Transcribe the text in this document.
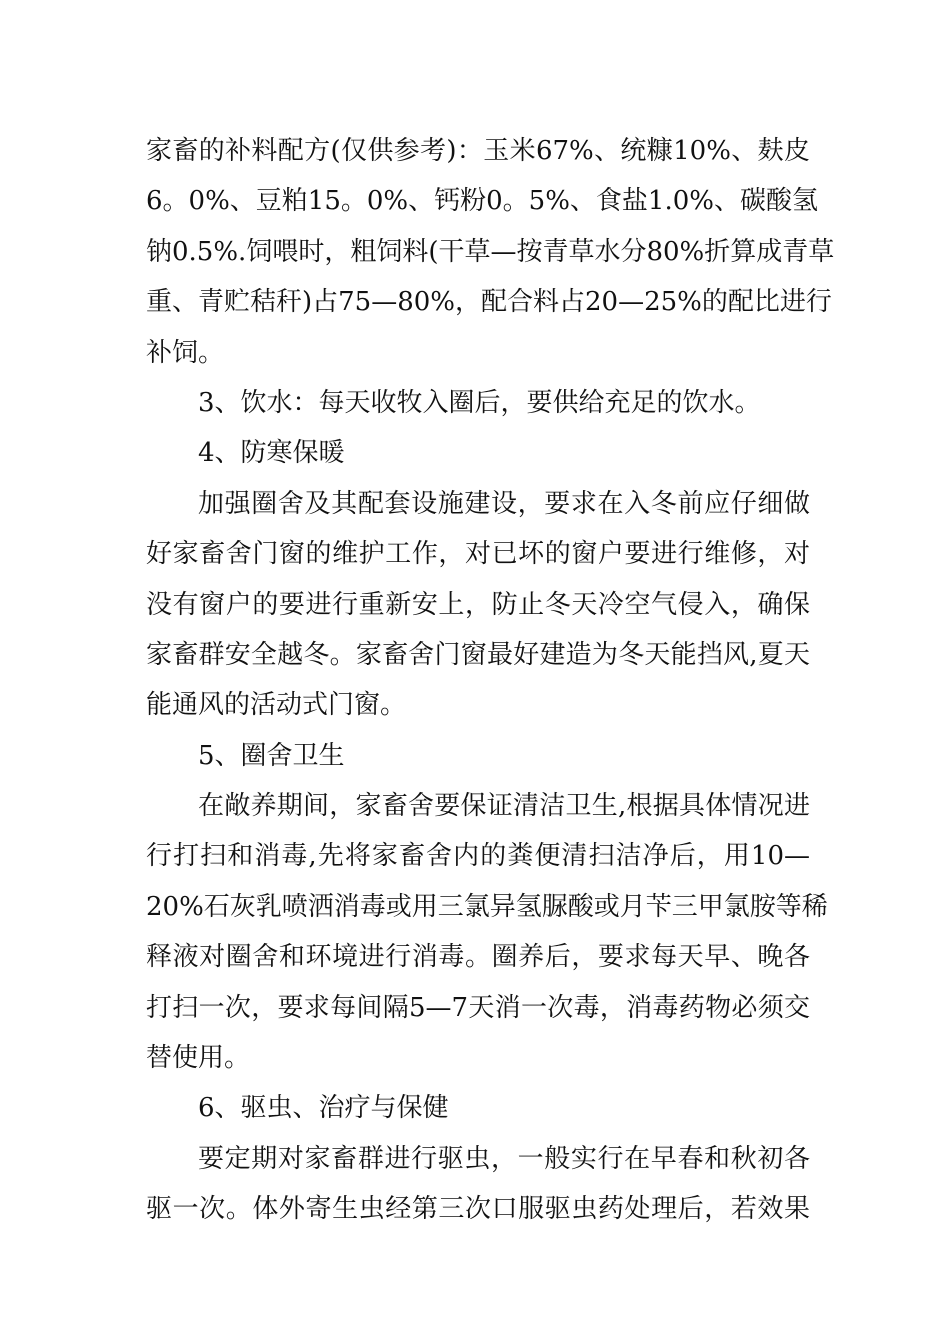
家畜的补料配方(仅供参考)：玉米67%、统糠10%、麸皮
6。0%、豆粕15。0%、钙粉0。5%、食盐1.0%、碳酸氢
钠0.5%.饲喂时，粗饲料(干草—按青草水分80%折算成青草
重、青贮秸秆)占75—80%，配合料占20—25%的配比进行
补饲。
3、饮水：每天收牧入圈后，要供给充足的饮水。
4、防寒保暖
加强圈舍及其配套设施建设，要求在入冬前应仔细做
好家畜舍门窗的维护工作，对已坏的窗户要进行维修，对
没有窗户的要进行重新安上，防止冬天冷空气侵入，确保
家畜群安全越冬。家畜舍门窗最好建造为冬天能挡风,夏天
能通风的活动式门窗。
5、圈舍卫生
在敞养期间，家畜舍要保证清洁卫生,根据具体情况进
行打扫和消毒,先将家畜舍内的粪便清扫洁净后，用10—
20%石灰乳喷洒消毒或用三氯异氢脲酸或月苄三甲氯胺等稀
释液对圈舍和环境进行消毒。圈养后，要求每天早、晚各
打扫一次，要求每间隔5—7天消一次毒，消毒药物必须交
替使用。
6、驱虫、治疗与保健
要定期对家畜群进行驱虫，一般实行在早春和秋初各
驱一次。体外寄生虫经第三次口服驱虫药处理后，若效果
